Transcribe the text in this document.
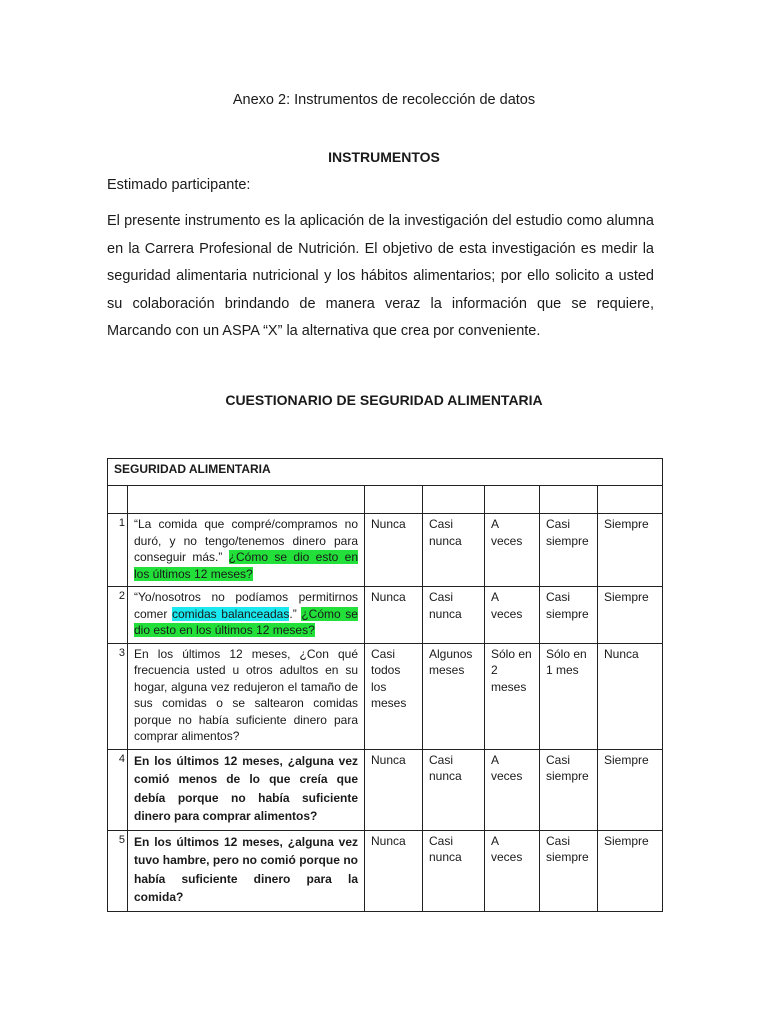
Anexo 2: Instrumentos de recolección de datos
INSTRUMENTOS
Estimado participante:

El presente instrumento es la aplicación de la investigación del estudio como alumna en la Carrera Profesional de Nutrición. El objetivo de esta investigación es medir la seguridad alimentaria nutricional y los hábitos alimentarios; por ello solicito a usted su colaboración brindando de manera veraz la información que se requiere, Marcando con un ASPA “X” la alternativa que crea por conveniente.

CUESTIONARIO DE SEGURIDAD ALIMENTARIA
SEGURIDAD ALIMENTARIA						

1	“La comida que compré/compramos no duró, y no tengo/tenemos dinero para conseguir más.” ¿Cómo se dio esto en los últimos 12 meses?	Nunca	Casi nunca	A veces	Casi siempre	Siempre
2	“Yo/nosotros no podíamos permitirnos comer comidas balanceadas.” ¿Cómo se dio esto en los últimos 12 meses?	Nunca	Casi nunca	A veces	Casi siempre	Siempre
3	En los últimos 12 meses, ¿Con qué frecuencia usted u otros adultos en su hogar, alguna vez redujeron el tamaño de sus comidas o se saltearon comidas porque no había suficiente dinero para comprar alimentos?	Casi todos los meses	Algunos meses	Sólo en 2 meses	Sólo en 1 mes	Nunca
4	En los últimos 12 meses, ¿alguna vez comió menos de lo que creía que debía porque no había suficiente dinero para comprar alimentos?	Nunca	Casi nunca	A veces	Casi siempre	Siempre
5	En los últimos 12 meses, ¿alguna vez tuvo hambre, pero no comió porque no había suficiente dinero para la comida?	Nunca	Casi nunca	A veces	Casi siempre	Siempre
